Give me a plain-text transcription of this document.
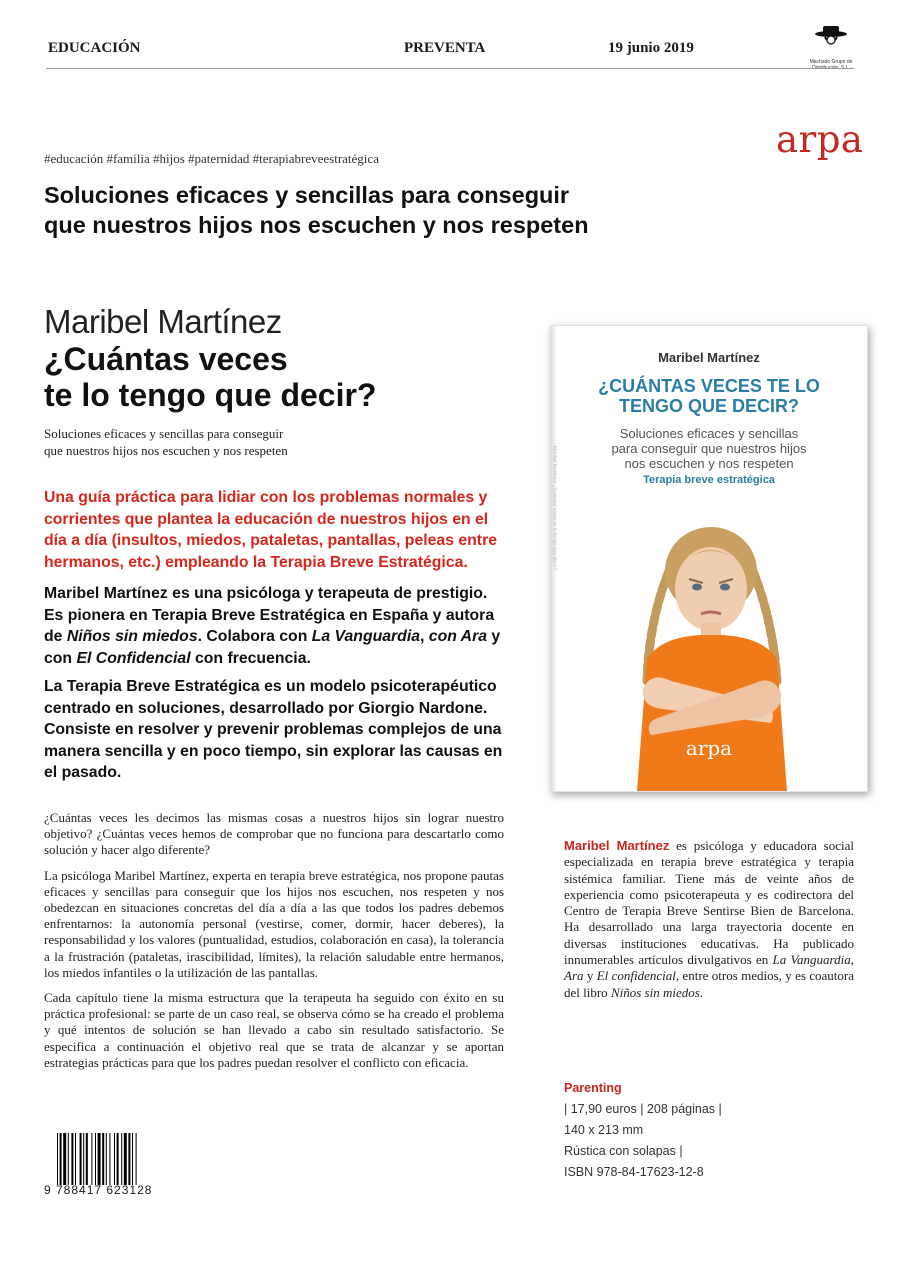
EDUCACIÓN	PREVENTA	19 junio 2019
Machado Grupo de
arpa
#educación #familia #hijos #paternidad #terapiabreveestratégica
Soluciones eficaces y sencillas para conseguir
que nuestros hijos nos escuchen y nos respeten
Maribel Martínez
¿Cuántas veces
te lo tengo que decir?
Soluciones eficaces y sencillas para conseguir
que nuestros hijos nos escuchen y nos respeten
Una guía práctica para lidiar con los problemas normales y corrientes que plantea la educación de nuestros hijos en el día a día (insultos, miedos, pataletas, pantallas, peleas entre hermanos, etc.) empleando la Terapia Breve Estratégica.
Maribel Martínez es una psicóloga y terapeuta de prestigio. Es pionera en Terapia Breve Estratégica en España y autora de Niños sin miedos. Colabora con La Vanguardia, con Ara y con El Confidencial con frecuencia.
La Terapia Breve Estratégica es un modelo psicoterapéutico centrado en soluciones, desarrollado por Giorgio Nardone. Consiste en resolver y prevenir problemas complejos de una manera sencilla y en poco tiempo, sin explorar las causas en el pasado.

¿Cuántas veces les decimos las mismas cosas a nuestros hijos sin lograr nuestro objetivo? ¿Cuántas veces hemos de comprobar que no funciona para descartarlo como solución y hacer algo diferente?

La psicóloga Maribel Martínez, experta en terapia breve estratégica, nos propone pautas eficaces y sencillas para conseguir que los hijos nos escuchen, nos respeten y nos obedezcan en situaciones concretas del día a día a las que todos los padres debemos enfrentarnos: la autonomía personal (vestirse, comer, dormir, hacer deberes), la responsabilidad y los valores (puntualidad, estudios, colaboración en casa), la tolerancia a la frustración (pataletas, irascibilidad, límites), la relación saludable entre hermanos, los miedos infantiles o la utilización de las pantallas.

Cada capítulo tiene la misma estructura que la terapeuta ha seguido con éxito en su práctica profesional: se parte de un caso real, se observa cómo se ha creado el problema y qué intentos de solución se han llevado a cabo sin resultado satisfactorio. Se especifica a continuación el objetivo real que se trata de alcanzar y se aportan estrategias prácticas para que los padres puedan resolver el conflicto con eficacia.

Maribel Martínez ¿Cuántas veces te lo tengo que decir?
Maribel Martínez
¿CUÁNTAS VECES TE LO
TENGO QUE DECIR?
Soluciones eficaces y sencillas
para conseguir que nuestros hijos
nos escuchen y nos respeten
Terapia breve estratégica
arpa
Maribel Martínez es psicóloga y educadora social especializada en terapia breve estratégica y terapia sistémica familiar. Tiene más de veinte años de experiencia como psicoterapeuta y es codirectora del Centro de Terapia Breve Sentirse Bien de Barcelona. Ha desarrollado una larga trayectoria docente en diversas instituciones educativas. Ha publicado innumerables artículos divulgativos en La Vanguardia, Ara y El confidencial, entre otros medios, y es coautora del libro Niños sin miedos.
Parenting
| 17,90 euros | 208 páginas |
140 x 213 mm
Rústica con solapas |
ISBN 978-84-17623-12-8
9 788417 623128
